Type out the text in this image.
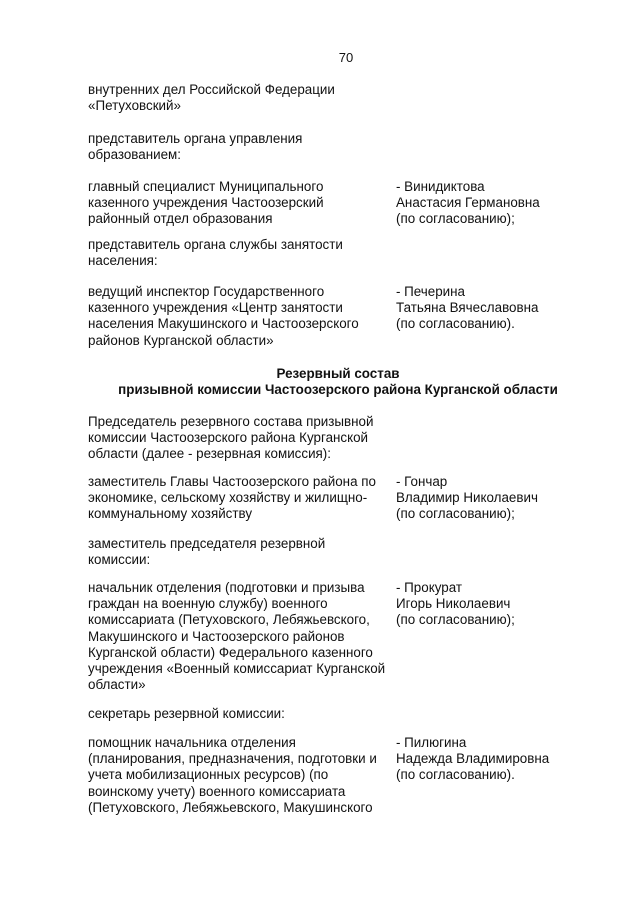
70
внутренних дел Российской Федерации
«Петуховский»
представитель органа управления
образованием:
главный специалист Муниципального
казенного учреждения Частоозерский
районный отдел образования
- Винидиктова
Анастасия Германовна
(по согласованию);
представитель органа службы занятости
населения:
ведущий инспектор Государственного
казенного учреждения «Центр занятости
населения Макушинского и Частоозерского
районов Курганской области»
- Печерина
Татьяна Вячеславовна
(по согласованию).
Резервный состав
призывной комиссии Частоозерского района Курганской области
Председатель резервного состава призывной
комиссии Частоозерского района Курганской
области (далее - резервная комиссия):
заместитель Главы Частоозерского района по
экономике, сельскому хозяйству и жилищно-
коммунальному хозяйству
- Гончар
Владимир Николаевич
(по согласованию);
заместитель председателя резервной
комиссии:
начальник отделения (подготовки и призыва
граждан на военную службу) военного
комиссариата (Петуховского, Лебяжьевского,
Макушинского и Частоозерского районов
Курганской области) Федерального казенного
учреждения «Военный комиссариат Курганской
области»
- Прокурат
Игорь Николаевич
(по согласованию);
секретарь резервной комиссии:
помощник начальника отделения
(планирования, предназначения, подготовки и
учета мобилизационных ресурсов) (по
воинскому учету) военного комиссариата
(Петуховского, Лебяжьевского, Макушинского
- Пилюгина
Надежда Владимировна
(по согласованию).
